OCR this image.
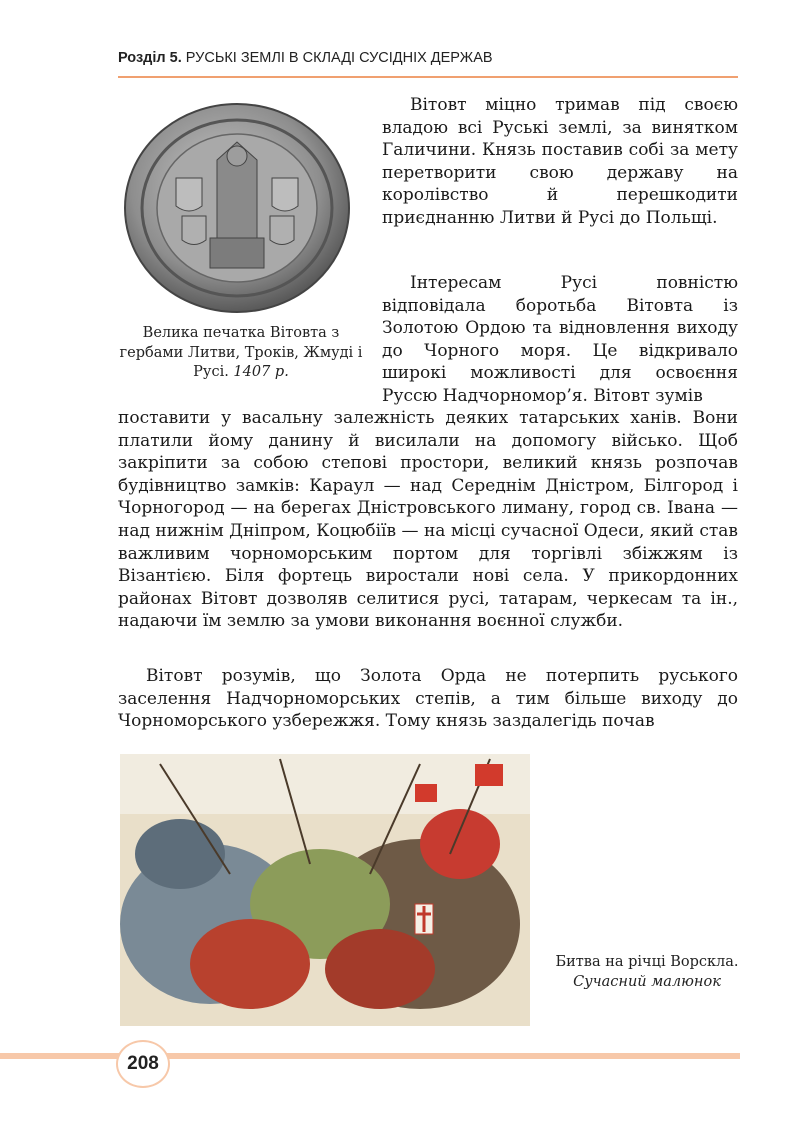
Розділ 5. РУСЬКІ ЗЕМЛІ В СКЛАДІ СУСІДНІХ ДЕРЖАВ
Велика печатка Вітовта з гербами Литви, Троків, Жмуді і Русі. 1407 р.

Вітовт міцно тримав під своєю владою всі Руські землі, за винятком Галичини. Князь поставив собі за мету перетворити свою державу на королівство й перешкодити приєднанню Литви й Русі до Польщі.

Інтересам Русі повністю відповідала боротьба Вітовта із Золотою Ордою та відновлення виходу до Чорного моря. Це відкривало широкі можливості для освоєння Руссю Надчорномор’я. Вітовт зумів

поставити у васальну залежність деяких татарських ханів. Вони платили йому данину й висилали на допомогу військо. Щоб закріпити за собою степові простори, великий князь розпочав будівництво замків: Караул — над Середнім Дністром, Білгород і Чорногород — на берегах Дністровського лиману, город св. Івана — над нижнім Дніпром, Коцюбіїв — на місці сучасної Одеси, який став важливим чорноморським портом для торгівлі збіжжям із Візантією. Біля фортець виростали нові села. У прикордонних районах Вітовт дозволяв селитися русі, татарам, черкесам та ін., надаючи їм землю за умови виконання воєнної служби.

Вітовт розумів, що Золота Орда не потерпить руського заселення Надчорноморських степів, а тим більше виходу до Чорноморського узбережжя. Тому князь заздалегідь почав

Битва на річці Ворскла. Сучасний малюнок
208
